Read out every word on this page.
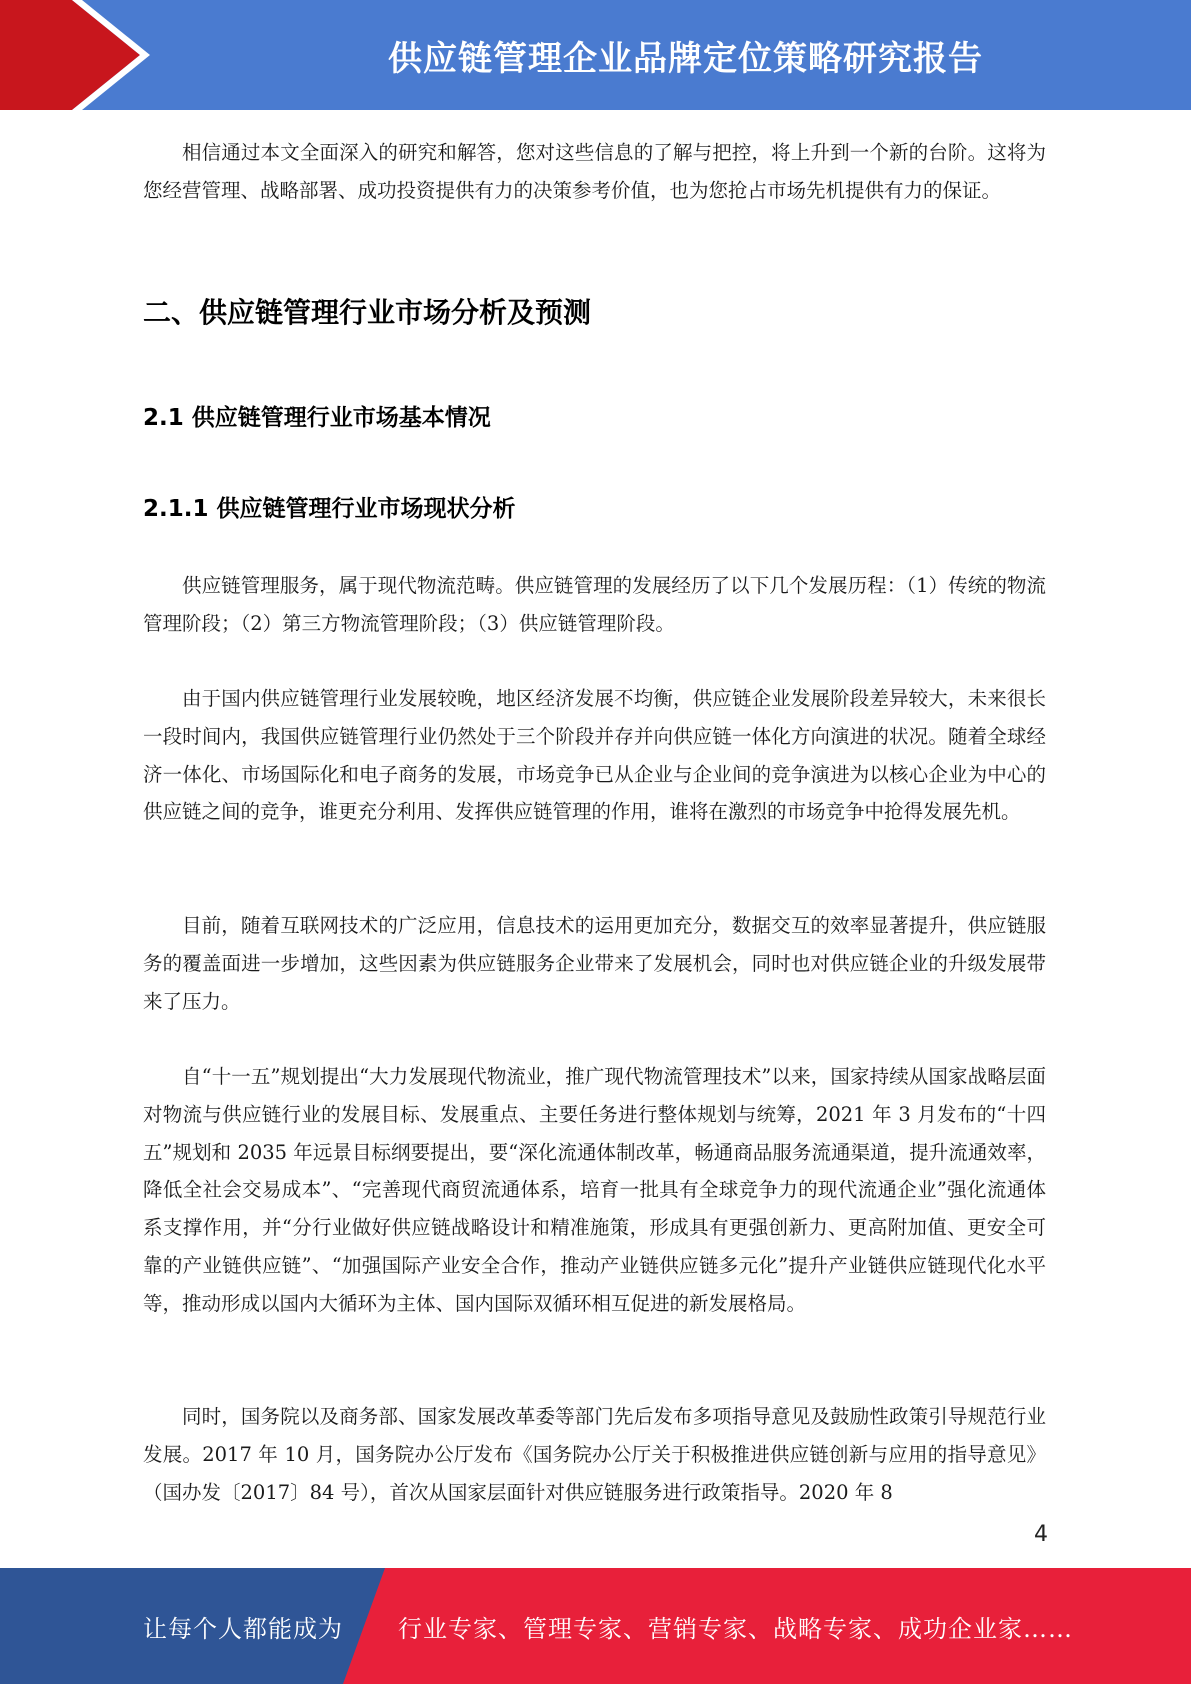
供应链管理企业品牌定位策略研究报告

相信通过本文全面深入的研究和解答，您对这些信息的了解与把控，将上升到一个新的台阶。这将为您经营管理、战略部署、成功投资提供有力的决策参考价值，也为您抢占市场先机提供有力的保证。

二、供应链管理行业市场分析及预测
2.1 供应链管理行业市场基本情况
2.1.1 供应链管理行业市场现状分析

供应链管理服务，属于现代物流范畴。供应链管理的发展经历了以下几个发展历程：（1）传统的物流管理阶段；（2）第三方物流管理阶段；（3）供应链管理阶段。

由于国内供应链管理行业发展较晚，地区经济发展不均衡，供应链企业发展阶段差异较大，未来很长一段时间内，我国供应链管理行业仍然处于三个阶段并存并向供应链一体化方向演进的状况。随着全球经济一体化、市场国际化和电子商务的发展，市场竞争已从企业与企业间的竞争演进为以核心企业为中心的供应链之间的竞争，谁更充分利用、发挥供应链管理的作用，谁将在激烈的市场竞争中抢得发展先机。

目前，随着互联网技术的广泛应用，信息技术的运用更加充分，数据交互的效率显著提升，供应链服务的覆盖面进一步增加，这些因素为供应链服务企业带来了发展机会，同时也对供应链企业的升级发展带来了压力。

自“十一五”规划提出“大力发展现代物流业，推广现代物流管理技术”以来，国家持续从国家战略层面对物流与供应链行业的发展目标、发展重点、主要任务进行整体规划与统筹，2021 年 3 月发布的“十四五”规划和 2035 年远景目标纲要提出，要“深化流通体制改革，畅通商品服务流通渠道，提升流通效率，降低全社会交易成本”、“完善现代商贸流通体系，培育一批具有全球竞争力的现代流通企业”强化流通体系支撑作用，并“分行业做好供应链战略设计和精准施策，形成具有更强创新力、更高附加值、更安全可靠的产业链供应链”、“加强国际产业安全合作，推动产业链供应链多元化”提升产业链供应链现代化水平等，推动形成以国内大循环为主体、国内国际双循环相互促进的新发展格局。

同时，国务院以及商务部、国家发展改革委等部门先后发布多项指导意见及鼓励性政策引导规范行业发展。2017 年 10 月，国务院办公厅发布《国务院办公厅关于积极推进供应链创新与应用的指导意见》（国办发〔2017〕84 号），首次从国家层面针对供应链服务进行政策指导。2020 年 8

4
让每个人都能成为 行业专家、管理专家、营销专家、战略专家、成功企业家……
